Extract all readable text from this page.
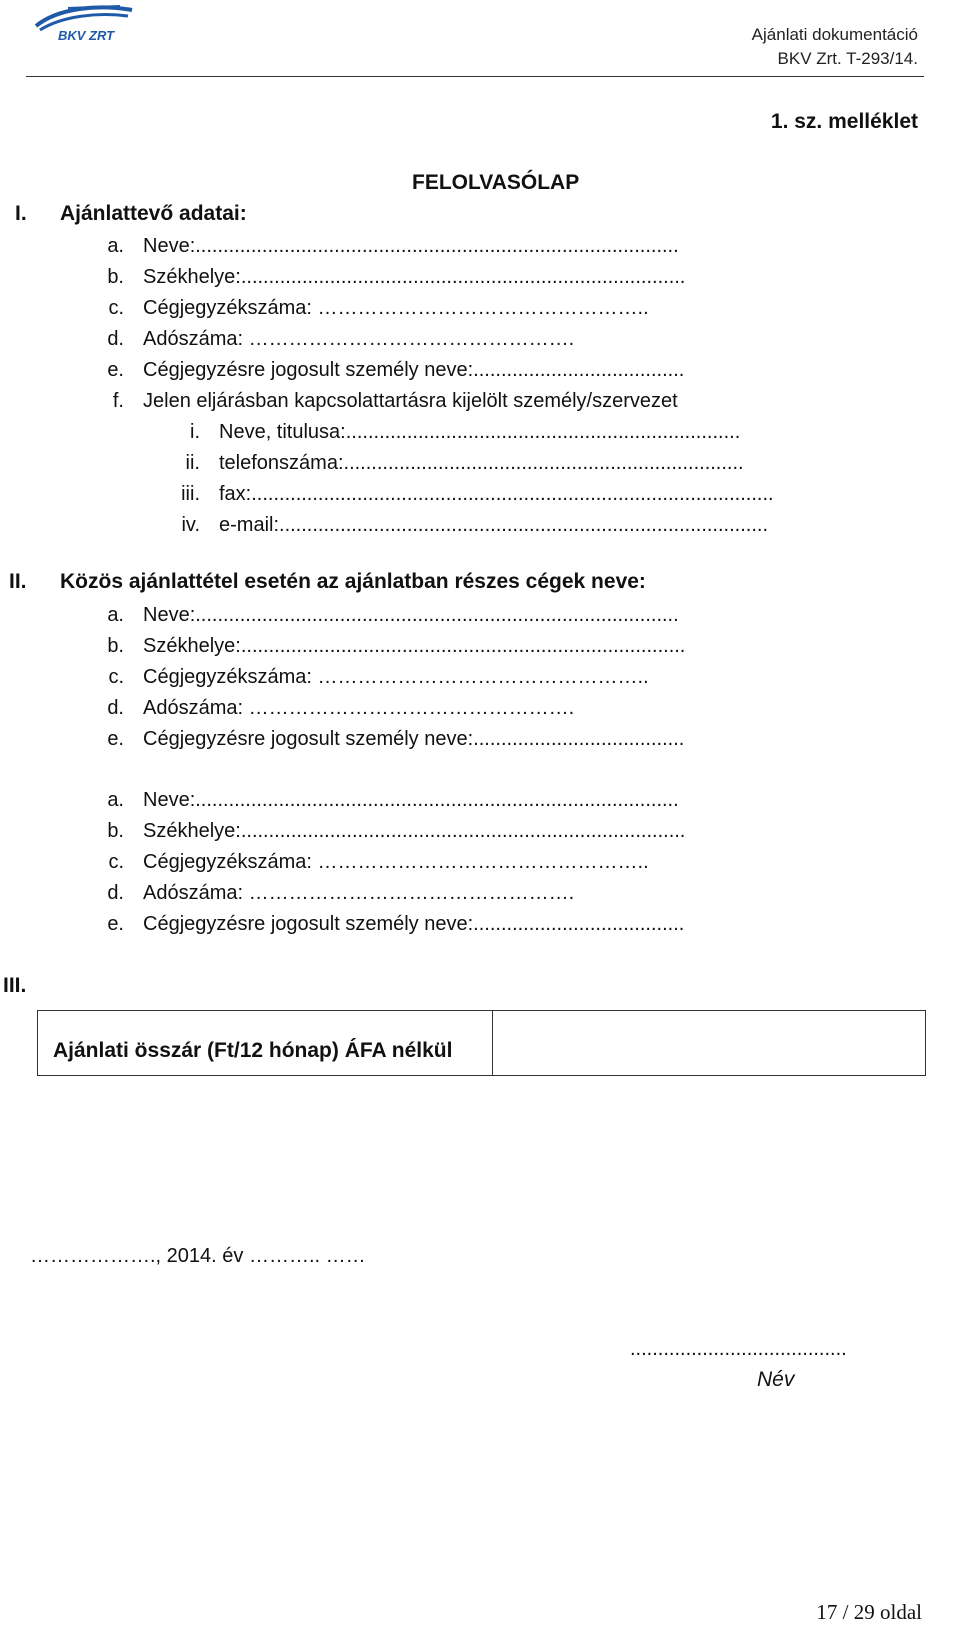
BKV ZRT	Ajánlati dokumentáció
BKV Zrt. T-293/14.
1. sz. melléklet
FELOLVASÓLAP
I. Ajánlattevő adatai:
a. Neve:.......................................................................................
b. Székhelye:................................................................................
c. Cégjegyzékszáma: …………………………………………..
d. Adószáma: ………………………………………….
e. Cégjegyzésre jogosult személy neve:......................................
f. Jelen eljárásban kapcsolattartásra kijelölt személy/szervezet
i. Neve, titulusa:.......................................................................
ii. telefonszáma:........................................................................
iii. fax:..............................................................................................
iv. e-mail:........................................................................................
II. Közös ajánlattétel esetén az ajánlatban részes cégek neve:
a. Neve:.......................................................................................
b. Székhelye:................................................................................
c. Cégjegyzékszáma: …………………………………………..
d. Adószáma: ………………………………………….
e. Cégjegyzésre jogosult személy neve:......................................
a. Neve:.......................................................................................
b. Székhelye:................................................................................
c. Cégjegyzékszáma: …………………………………………..
d. Adószáma: ………………………………………….
e. Cégjegyzésre jogosult személy neve:......................................
III.
Ajánlati összár (Ft/12 hónap) ÁFA nélkül
………………., 2014. év ……….. ……
.......................................
Név
17 / 29 oldal
